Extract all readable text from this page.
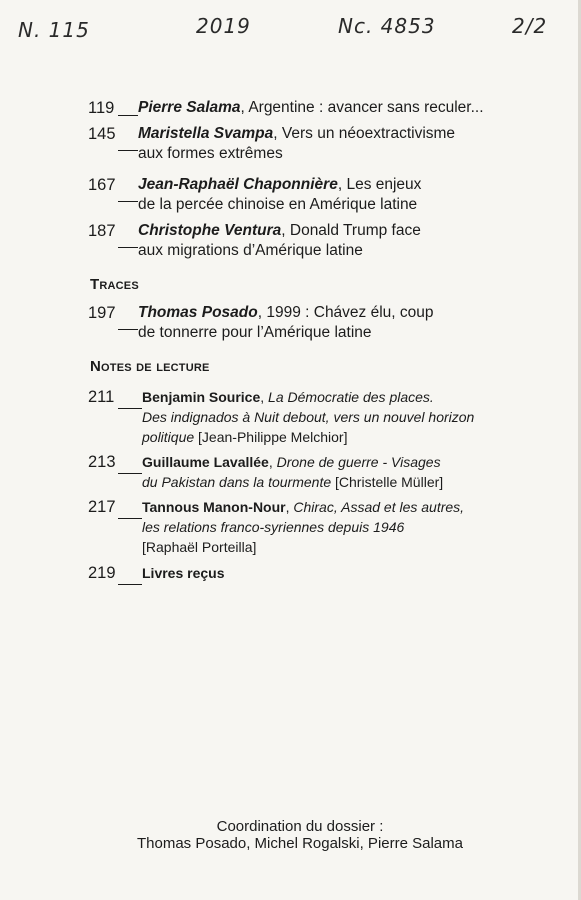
N. 115	2019	Nc. 4853	2/2
119 Pierre Salama, Argentine : avancer sans reculer...
145 Maristella Svampa, Vers un néoextractivisme
aux formes extrêmes
167 Jean-Raphaël Chaponnière, Les enjeux
de la percée chinoise en Amérique latine
187 Christophe Ventura, Donald Trump face
aux migrations d’Amérique latine
Traces
197 Thomas Posado, 1999 : Chávez élu, coup
de tonnerre pour l’Amérique latine
Notes de lecture
211 Benjamin Sourice, La Démocratie des places.
Des indignados à Nuit debout, vers un nouvel horizon
politique [Jean-Philippe Melchior]
213 Guillaume Lavallée, Drone de guerre - Visages
du Pakistan dans la tourmente [Christelle Müller]
217 Tannous Manon-Nour, Chirac, Assad et les autres,
les relations franco-syriennes depuis 1946
[Raphaël Porteilla]
219 Livres reçus
Coordination du dossier :
Thomas Posado, Michel Rogalski, Pierre Salama
